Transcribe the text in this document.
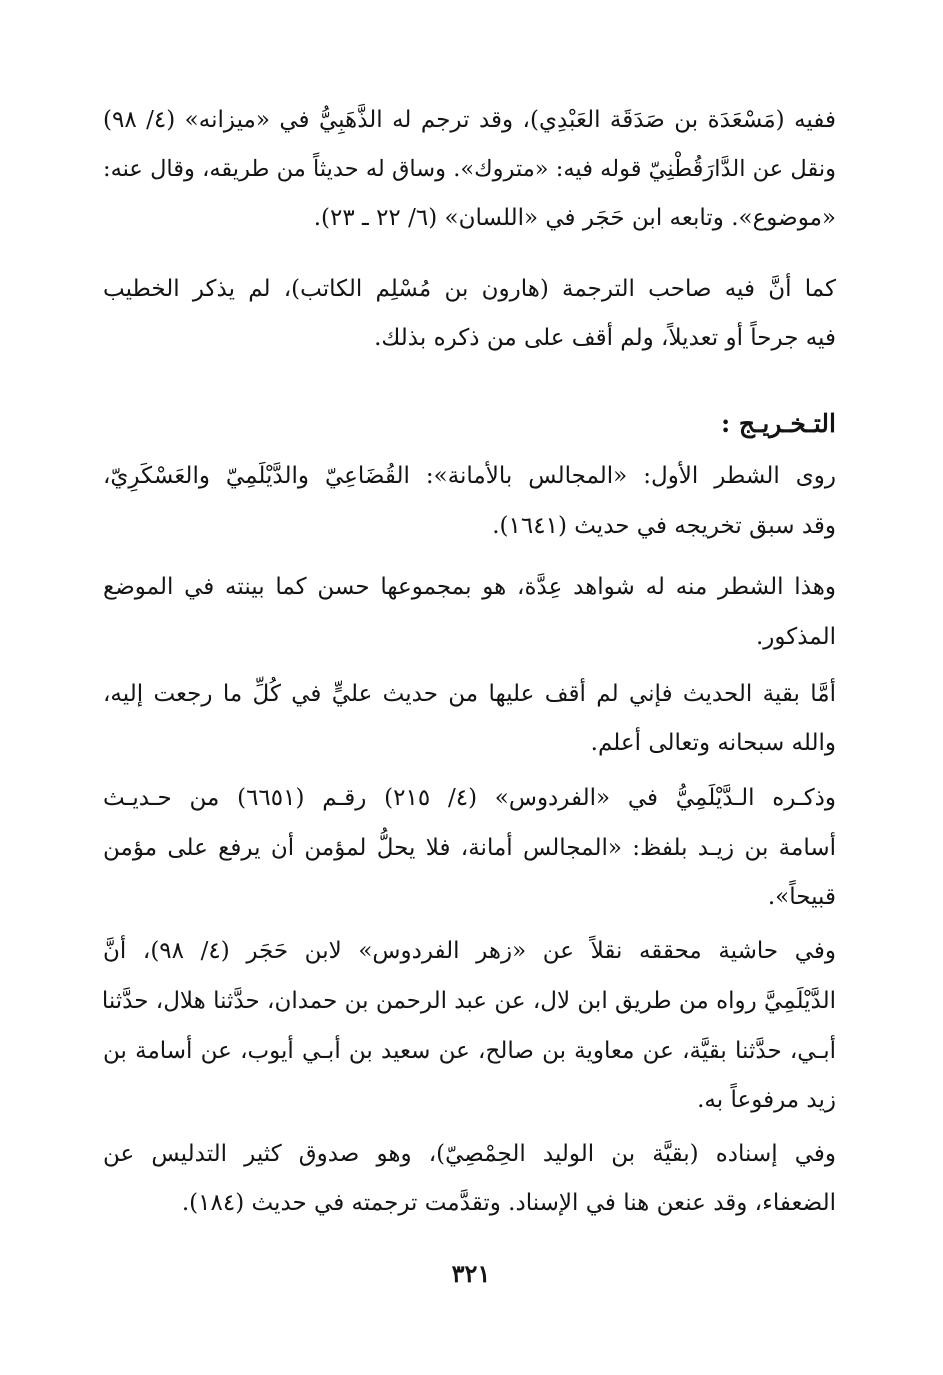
ففيه (مَسْعَدَة بن صَدَقَة العَبْدِي)، وقد ترجم له الذَّهَبِيُّ في «ميزانه» (٤/ ٩٨)
ونقل عن الدَّارَقُطْنِيّ قوله فيه: «متروك». وساق له حديثاً من طريقه، وقال عنه:
«موضوع». وتابعه ابن حَجَر في «اللسان» (٦/ ٢٢ ـ ٢٣).
كما أنَّ فيه صاحب الترجمة (هارون بن مُسْلِم الكاتب)، لم يذكر الخطيب
فيه جرحاً أو تعديلاً، ولم أقف على من ذكره بذلك.
التـخـريـج :
روى الشطر الأول: «المجالس بالأمانة»: القُضَاعِيّ والدَّيْلَمِيّ والعَسْكَرِيّ،
وقد سبق تخريجه في حديث (١٦٤١).
وهذا الشطر منه له شواهد عِدَّة، هو بمجموعها حسن كما بينته في الموضع
المذكور.
أمَّا بقية الحديث فإني لم أقف عليها من حديث عليٍّ في كُلِّ ما رجعت إليه،
والله سبحانه وتعالى أعلم.
وذكـره الـدَّيْلَمِيُّ في «الفردوس» (٤/ ٢١٥) رقـم (٦٦٥١) من حـديـث
أسامة بن زيـد بلفظ: «المجالس أمانة، فلا يحلُّ لمؤمن أن يرفع على مؤمن
قبيحاً».
وفي حاشية محققه نقلاً عن «زهر الفردوس» لابن حَجَر (٤/ ٩٨)، أنَّ
الدَّيْلَمِيَّ رواه من طريق ابن لال، عن عبد الرحمن بن حمدان، حدَّثنا هلال، حدَّثنا
أبـي، حدَّثنا بقيَّة، عن معاوية بن صالح، عن سعيد بن أبـي أيوب، عن أسامة بن
زيد مرفوعاً به.
وفي إسناده (بقيَّة بن الوليد الحِمْصِيّ)، وهو صدوق كثير التدليس عن
الضعفاء، وقد عنعن هنا في الإسناد. وتقدَّمت ترجمته في حديث (١٨٤).
٣٢١
